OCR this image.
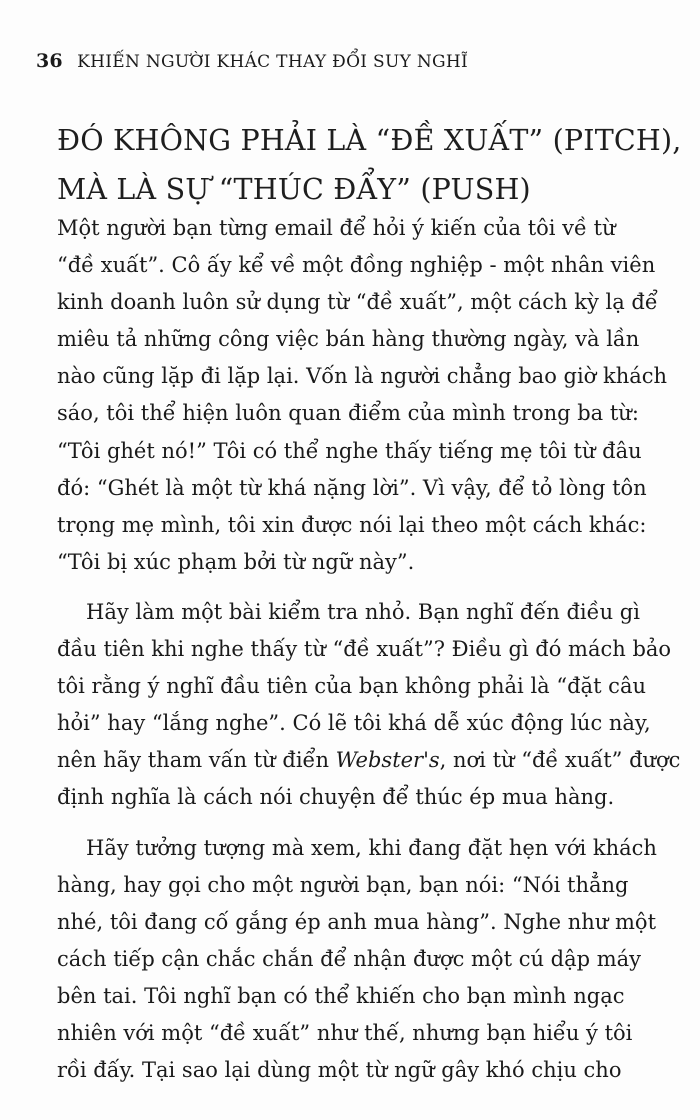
36 KHIẾN NGƯỜI KHÁC THAY ĐỔI SUY NGHĨ
ĐÓ KHÔNG PHẢI LÀ “ĐỀ XUẤT” (PITCH),
MÀ LÀ SỰ “THÚC ĐẨY” (PUSH)

Một người bạn từng email để hỏi ý kiến của tôi về từ
“đề xuất”. Cô ấy kể về một đồng nghiệp - một nhân viên
kinh doanh luôn sử dụng từ “đề xuất”, một cách kỳ lạ để
miêu tả những công việc bán hàng thường ngày, và lần
nào cũng lặp đi lặp lại. Vốn là người chẳng bao giờ khách
sáo, tôi thể hiện luôn quan điểm của mình trong ba từ:
“Tôi ghét nó!” Tôi có thể nghe thấy tiếng mẹ tôi từ đâu
đó: “Ghét là một từ khá nặng lời”. Vì vậy, để tỏ lòng tôn
trọng mẹ mình, tôi xin được nói lại theo một cách khác:
“Tôi bị xúc phạm bởi từ ngữ này”.

Hãy làm một bài kiểm tra nhỏ. Bạn nghĩ đến điều gì
đầu tiên khi nghe thấy từ “đề xuất”? Điều gì đó mách bảo
tôi rằng ý nghĩ đầu tiên của bạn không phải là “đặt câu
hỏi” hay “lắng nghe”. Có lẽ tôi khá dễ xúc động lúc này,
nên hãy tham vấn từ điển Webster's, nơi từ “đề xuất” được
định nghĩa là cách nói chuyện để thúc ép mua hàng.

Hãy tưởng tượng mà xem, khi đang đặt hẹn với khách
hàng, hay gọi cho một người bạn, bạn nói: “Nói thẳng
nhé, tôi đang cố gắng ép anh mua hàng”. Nghe như một
cách tiếp cận chắc chắn để nhận được một cú dập máy
bên tai. Tôi nghĩ bạn có thể khiến cho bạn mình ngạc
nhiên với một “đề xuất” như thế, nhưng bạn hiểu ý tôi
rồi đấy. Tại sao lại dùng một từ ngữ gây khó chịu cho
